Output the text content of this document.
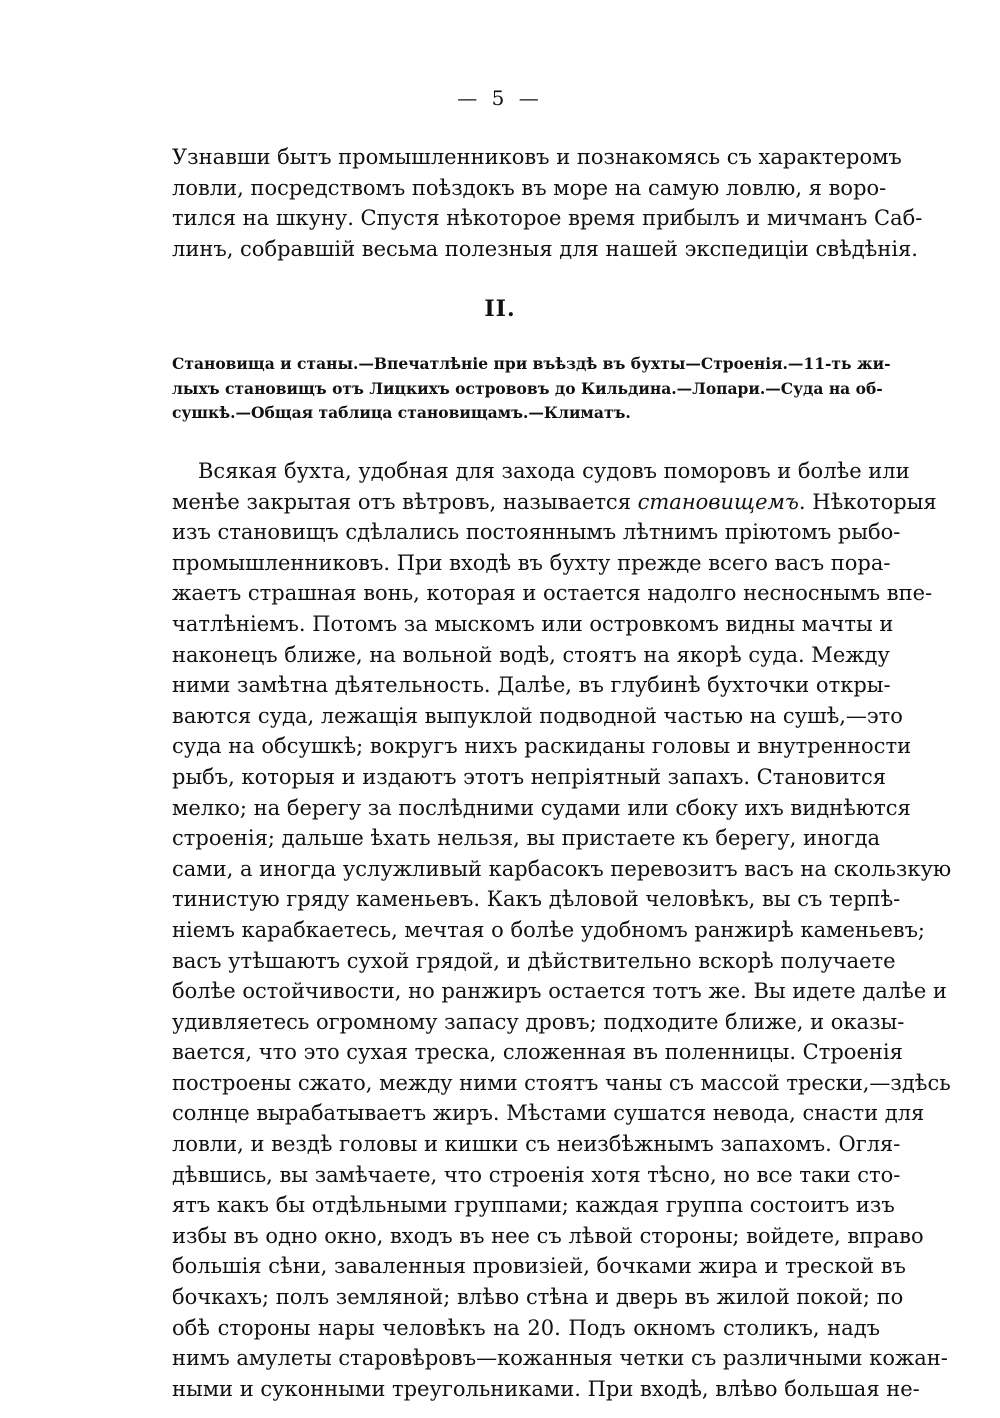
— 5 —
Узнавши бытъ промышленниковъ и познакомясь съ характеромъ
ловли, посредствомъ поѣздокъ въ море на самую ловлю, я воро-
тился на шкуну. Спустя нѣкоторое время прибылъ и мичманъ Саб-
линъ, собравшій весьма полезныя для нашей экспедиціи свѣдѣнія.
II.
Становища и станы.—Впечатлѣніе при въѣздѣ въ бухты—Строенія.—11-ть жи-
лыхъ становищъ отъ Лицкихъ острововъ до Кильдина.—Лопари.—Суда на об-
сушкѣ.—Общая таблица становищамъ.—Климатъ.
Всякая бухта, удобная для захода судовъ поморовъ и болѣе или
менѣе закрытая отъ вѣтровъ, называется становищемъ. Нѣкоторыя
изъ становищъ сдѣлались постояннымъ лѣтнимъ пріютомъ рыбо-
промышленниковъ. При входѣ въ бухту прежде всего васъ пора-
жаетъ страшная вонь, которая и остается надолго несноснымъ впе-
чатлѣніемъ. Потомъ за мыскомъ или островкомъ видны мачты и
наконецъ ближе, на вольной водѣ, стоятъ на якорѣ суда. Между
ними замѣтна дѣятельность. Далѣе, въ глубинѣ бухточки откры-
ваются суда, лежащія выпуклой подводной частью на сушѣ,—это
суда на обсушкѣ; вокругъ нихъ раскиданы головы и внутренности
рыбъ, которыя и издаютъ этотъ непріятный запахъ. Становится
мелко; на берегу за послѣдними судами или сбоку ихъ виднѣются
строенія; дальше ѣхать нельзя, вы пристаете къ берегу, иногда
сами, а иногда услужливый карбасокъ перевозитъ васъ на скользкую
тинистую гряду каменьевъ. Какъ дѣловой человѣкъ, вы съ терпѣ-
ніемъ карабкаетесь, мечтая о болѣе удобномъ ранжирѣ каменьевъ;
васъ утѣшаютъ сухой грядой, и дѣйствительно вскорѣ получаете
болѣе остойчивости, но ранжиръ остается тотъ же. Вы идете далѣе и
удивляетесь огромному запасу дровъ; подходите ближе, и оказы-
вается, что это сухая треска, сложенная въ поленницы. Строенія
построены сжато, между ними стоятъ чаны съ массой трески,—здѣсь
солнце вырабатываетъ жиръ. Мѣстами сушатся невода, снасти для
ловли, и вездѣ головы и кишки съ неизбѣжнымъ запахомъ. Огля-
дѣвшись, вы замѣчаете, что строенія хотя тѣсно, но все таки сто-
ятъ какъ бы отдѣльными группами; каждая группа состоитъ изъ
избы въ одно окно, входъ въ нее съ лѣвой стороны; войдете, вправо
большія сѣни, заваленныя провизіей, бочками жира и треской въ
бочкахъ; полъ земляной; влѣво стѣна и дверь въ жилой покой; по
обѣ стороны нары человѣкъ на 20. Подъ окномъ столикъ, надъ
нимъ амулеты старовѣровъ—кожанныя четки съ различными кожан-
ными и суконными треугольниками. При входѣ, влѣво большая не-
